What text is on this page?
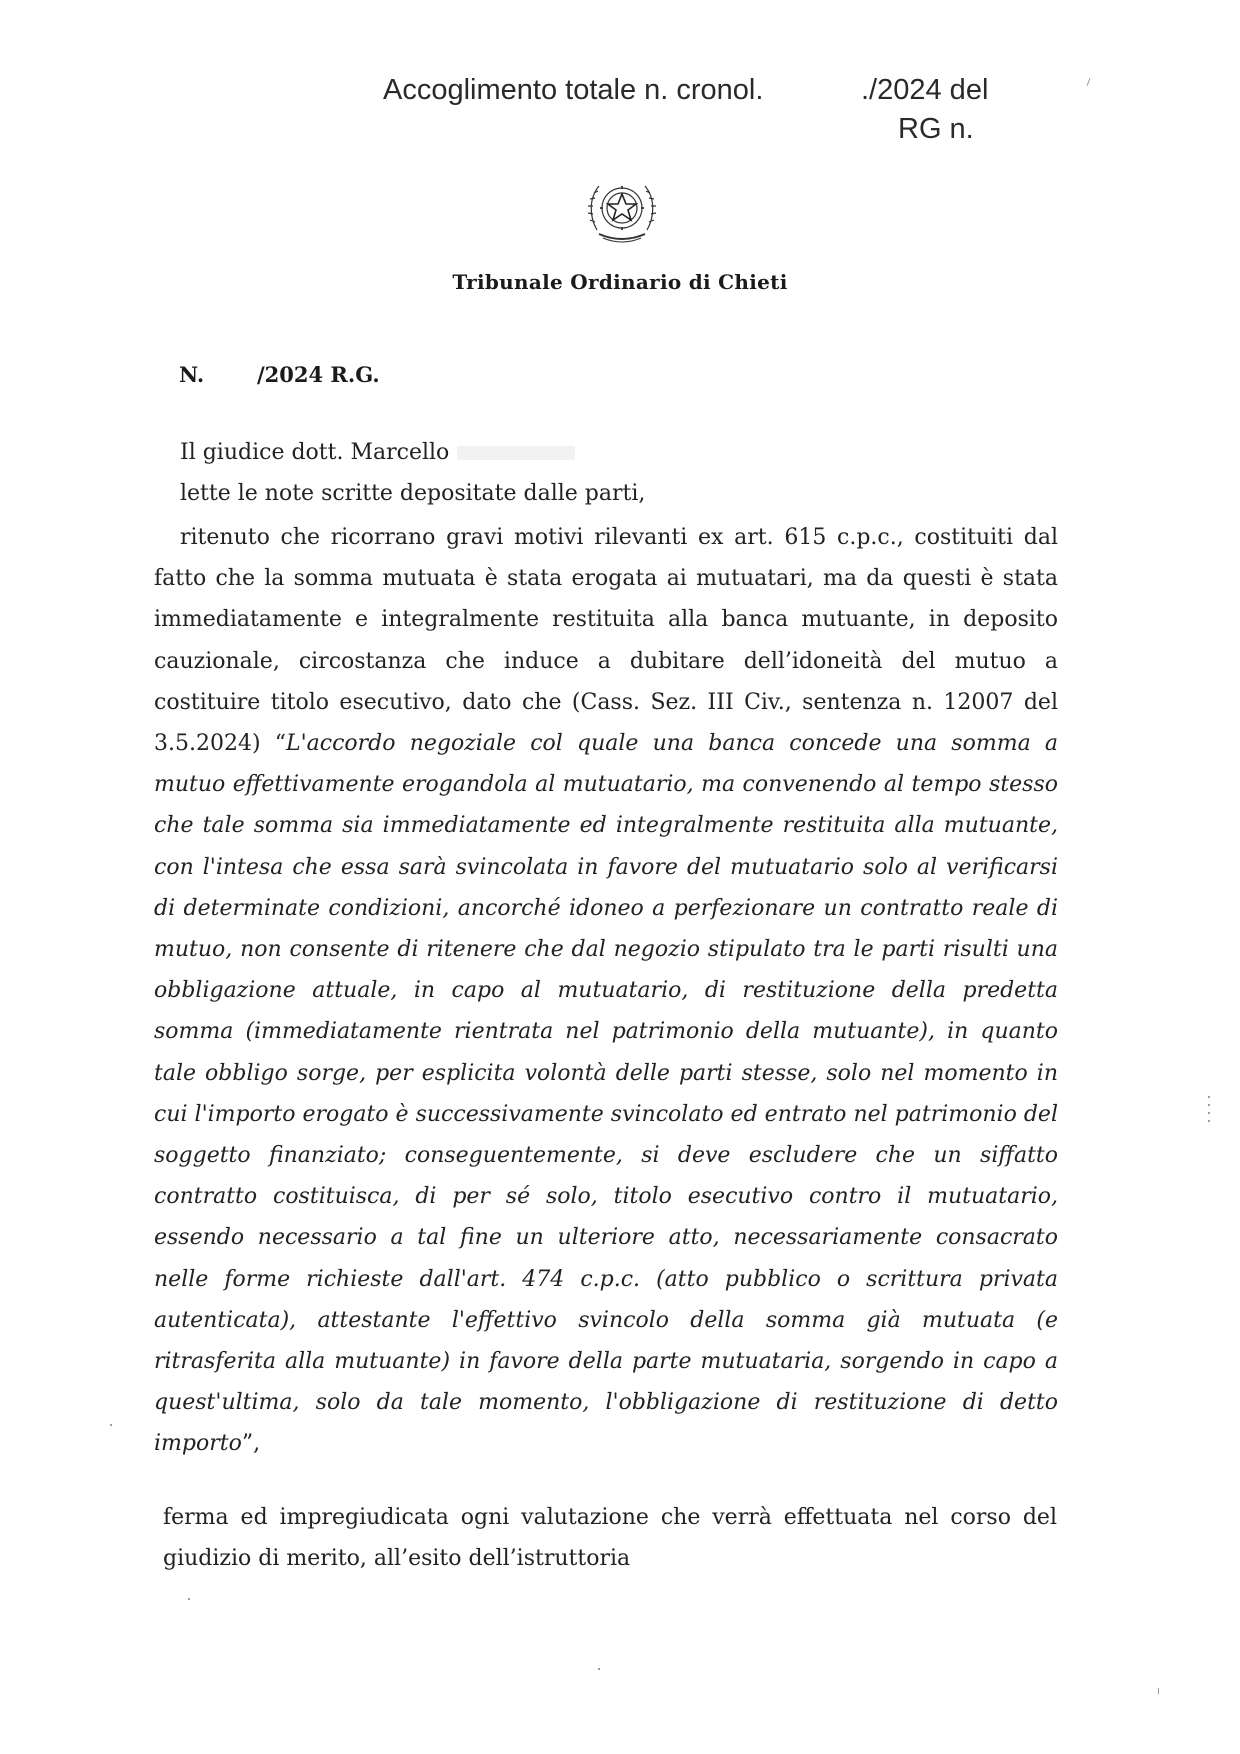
Accoglimento totale n. cronol.	./2024 del
RG n.
Tribunale Ordinario di Chieti
N.	/2024 R.G.
Il giudice dott. Marcello
lette le note scritte depositate dalle parti,
ritenuto che ricorrano gravi motivi rilevanti ex art. 615 c.p.c., costituiti dal fatto che la somma mutuata è stata erogata ai mutuatari, ma da questi è stata immediatamente e integralmente restituita alla banca mutuante, in deposito cauzionale, circostanza che induce a dubitare dell’idoneità del mutuo a costituire titolo esecutivo, dato che (Cass. Sez. III Civ., sentenza n. 12007 del 3.5.2024) “L'accordo negoziale col quale una banca concede una somma a mutuo effettivamente erogandola al mutuatario, ma convenendo al tempo stesso che tale somma sia immediatamente ed integralmente restituita alla mutuante, con l'intesa che essa sarà svincolata in favore del mutuatario solo al verificarsi di determinate condizioni, ancorché idoneo a perfezionare un contratto reale di mutuo, non consente di ritenere che dal negozio stipulato tra le parti risulti una obbligazione attuale, in capo al mutuatario, di restituzione della predetta somma (immediatamente rientrata nel patrimonio della mutuante), in quanto tale obbligo sorge, per esplicita volontà delle parti stesse, solo nel momento in cui l'importo erogato è successivamente svincolato ed entrato nel patrimonio del soggetto finanziato; conseguentemente, si deve escludere che un siffatto contratto costituisca, di per sé solo, titolo esecutivo contro il mutuatario, essendo necessario a tal fine un ulteriore atto, necessariamente consacrato nelle forme richieste dall'art. 474 c.p.c. (atto pubblico o scrittura privata autenticata), attestante l'effettivo svincolo della somma già mutuata (e ritrasferita alla mutuante) in favore della parte mutuataria, sorgendo in capo a quest'ultima, solo da tale momento, l'obbligazione di restituzione di detto importo”,
ferma ed impregiudicata ogni valutazione che verrà effettuata nel corso del giudizio di merito, all’esito dell’istruttoria
